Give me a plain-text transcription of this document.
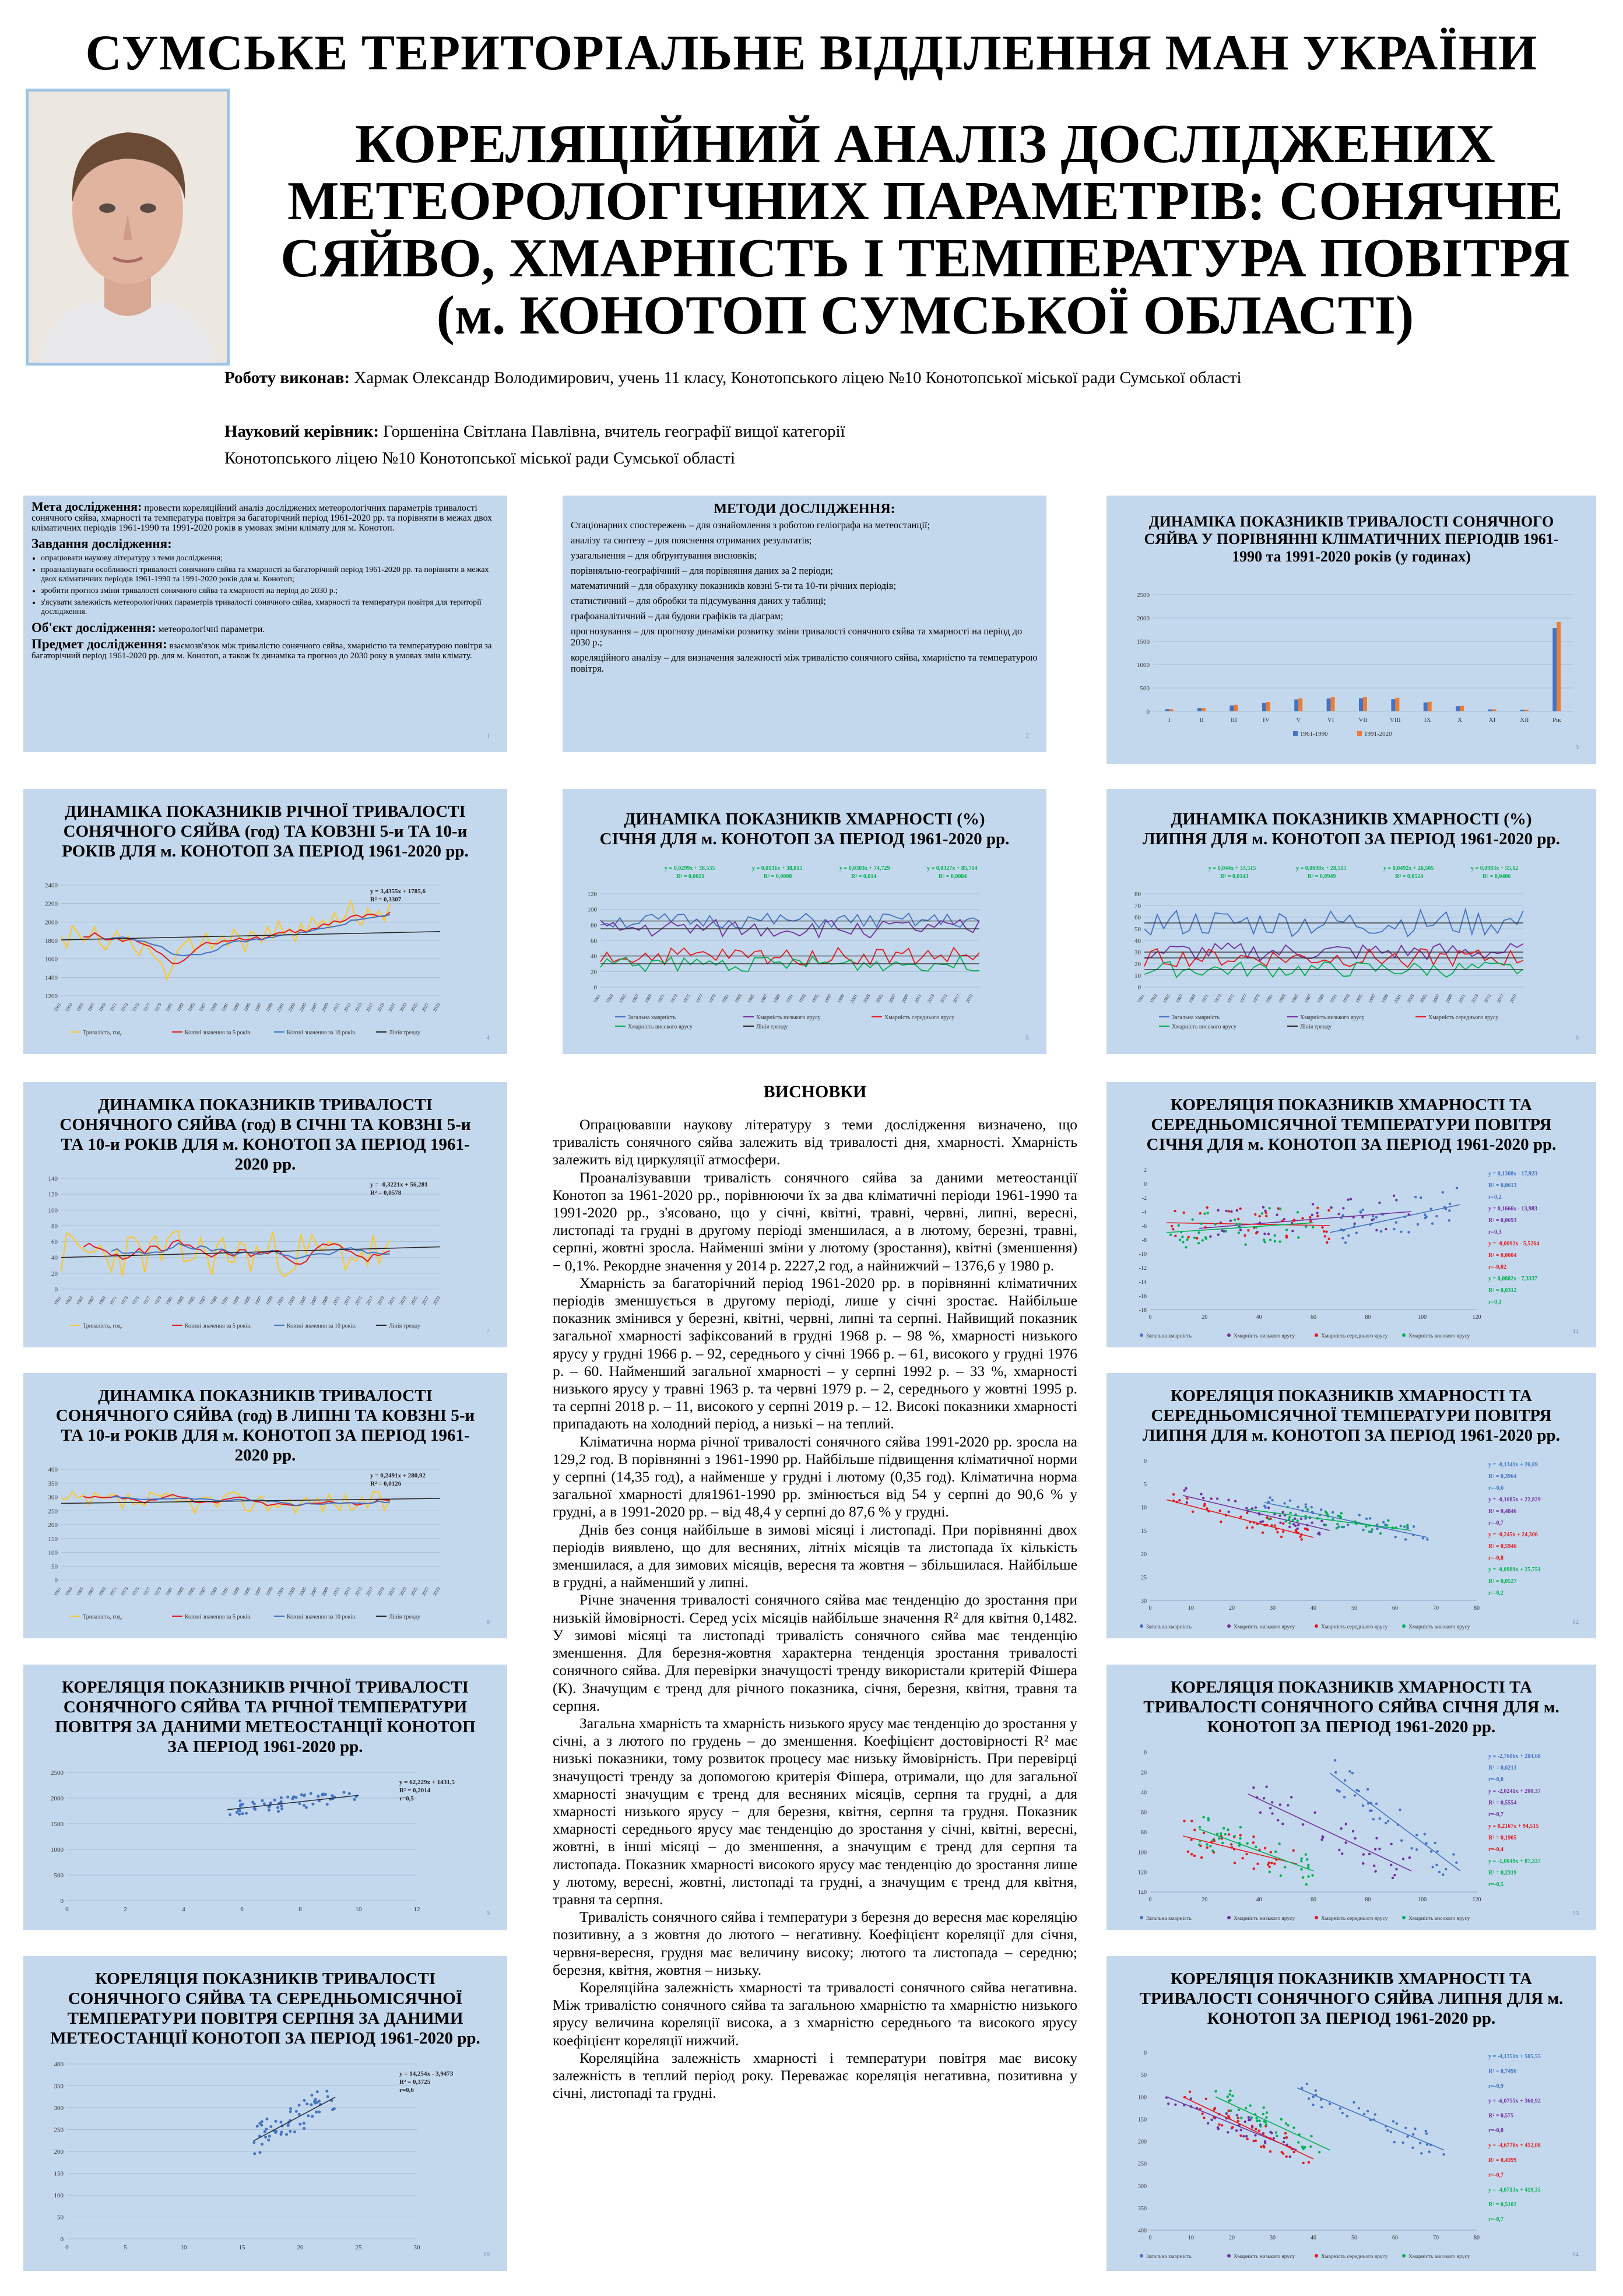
СУМСЬКЕ ТЕРИТОРІАЛЬНЕ ВІДДІЛЕННЯ МАН УКРАЇНИ
КОРЕЛЯЦІЙНИЙ АНАЛІЗ ДОСЛІДЖЕНИХ
МЕТЕОРОЛОГІЧНИХ ПАРАМЕТРІВ: СОНЯЧНЕ
СЯЙВО, ХМАРНІСТЬ І ТЕМПЕРАТУРА ПОВІТРЯ
(м. КОНОТОП СУМСЬКОЇ ОБЛАСТІ)
Роботу виконав: Хармак Олександр Володимирович, учень 11 класу, Конотопського ліцею №10 Конотопської міської ради Сумської області
Науковий керівник: Горшеніна Світлана Павлівна, вчитель географії вищої категорії
Конотопського ліцею №10 Конотопської міської ради Сумської області
Мета дослідження: провести кореляційний аналіз досліджених метеорологічних параметрів тривалості сонячного сяйва, хмарності та температура повітря за багаторічний період 1961-2020 рр. та порівняти в межах двох кліматичних періодів 1961-1990 та 1991-2020 років в умовах зміни клімату для м. Конотоп.
Завдання дослідження:
• опрацювати наукову літературу з теми дослідження;
• проаналізувати особливості тривалості сонячного сяйва та хмарності за багаторічний період 1961-2020 рр. та порівняти в межах двох кліматичних періодів 1961-1990 та 1991-2020 років для м. Конотоп;
• зробити прогноз зміни тривалості сонячного сяйва та хмарності на період до 2030 р.;
• з'ясувати залежність метеорологічних параметрів тривалості сонячного сяйва, хмарності та температури повітря для території дослідження.
Об'єкт дослідження: метеорологічні параметри.
Предмет дослідження: взаємозв'язок між тривалістю сонячного сяйва, хмарністю та температурою повітря за багаторічний період 1961-2020 рр. для м. Конотоп, а також їх динаміка та прогноз до 2030 року в умовах змін клімату.
1
МЕТОДИ ДОСЛІДЖЕННЯ:
Стаціонарних спостережень – для ознайомлення з роботою геліографа на метеостанції;
аналізу та синтезу – для пояснення отриманих результатів;
узагальнення – для обґрунтування висновків;
порівняльно-географічний – для порівняння даних за 2 періоди;
математичний – для обрахунку показників ковзні 5-ти та 10-ти річних періодів;
статистичний – для обробки та підсумування даних у таблиці;
графоаналітичний – для будови графіків та діаграм;
прогнозування – для прогнозу динаміки розвитку зміни тривалості сонячного сяйва та хмарності на період до 2030 р.;
кореляційного аналізу – для визначення залежності між тривалістю сонячного сяйва, хмарністю та температурою повітря.
2
ДИНАМІКА ПОКАЗНИКІВ ТРИВАЛОСТІ СОНЯЧНОГО СЯЙВА У ПОРІВНЯННІ КЛІМАТИЧНИХ ПЕРІОДІВ 1961-1990 та 1991-2020 років (у годинах)
0
500
1000
1500
2000
2500
I	II	III	IV	V	VI	VII	VIII	IX	X	XI	XII	Рік
1961-1990	1991-2020
3
ДИНАМІКА ПОКАЗНИКІВ РІЧНОЇ ТРИВАЛОСТІ СОНЯЧНОГО СЯЙВА (год) ТА КОВЗНІ 5-и ТА 10-и РОКІВ ДЛЯ м. КОНОТОП ЗА ПЕРІОД 1961-2020 рр.
1200
1400
1600
1800
2000
2200
2400
1961 1963 1965 1967 1969 1971 1973 1975 1977 1979 1981 1983 1985 1987 1989 1991 1993 1995 1997 1999 2001 2003 2005 2007 2009 2011 2013 2015 2017 2019 2021 2023 2025 2027 2029
y = 3,4355x + 1785,6
R² = 0,3307
Тривалість, год.	Ковзні значення за 5 років.	Ковзні значення за 10 років.	Лінія тренду
4
ДИНАМІКА ПОКАЗНИКІВ ХМАРНОСТІ (%) СІЧНЯ ДЛЯ м. КОНОТОП ЗА ПЕРІОД 1961-2020 рр.
0
20
40
60
80
100
120
1961 1963 1965 1967 1969 1971 1973 1975 1977 1979 1981 1983 1985 1987 1989 1991 1993 1995 1997 1999 2001 2003 2005 2007 2009 2011 2013 2015 2017 2019
y = 0,0299x + 38,535
R² = 0,0021
y = 0,0131x + 38,815
R² = 0,0008
y = 0,0303x + 74,729
R² = 0,014
y = 0,0327x + 85,714
R² = 0,0084
Загальна хмарність	Хмарність низького ярусу	Хмарність середнього ярусу
Хмарність високого ярусу	Лінія тренду
5
ДИНАМІКА ПОКАЗНИКІВ ХМАРНОСТІ (%) ЛИПНЯ ДЛЯ м. КОНОТОП ЗА ПЕРІОД 1961-2020 рр.
0
10
20
30
40
50
60
70
80
1961 1963 1965 1967 1969 1971 1973 1975 1977 1979 1981 1983 1985 1987 1989 1991 1993 1995 1997 1999 2001 2003 2005 2007 2009 2011 2013 2015 2017 2019
y = 0,044x + 33,515
R² = 0,0143
y = 0,0698x + 28,515
R² = 0,0949
y = 0,0492x + 26,505
R² = 0,0524
y = 0,0983x + 55,12
R² = 0,0406
Загальна хмарність	Хмарність низького ярусу	Хмарність середнього ярусу
Хмарність високого ярусу	Лінія тренду
6
ДИНАМІКА ПОКАЗНИКІВ ТРИВАЛОСТІ СОНЯЧНОГО СЯЙВА (год) В СІЧНІ ТА КОВЗНІ 5-и ТА 10-и РОКІВ ДЛЯ м. КОНОТОП ЗА ПЕРІОД 1961-2020 рр.
0
20
40
60
80
100
120
140
1961 1963 1965 1967 1969 1971 1973 1975 1977 1979 1981 1983 1985 1987 1989 1991 1993 1995 1997 1999 2001 2003 2005 2007 2009 2011 2013 2015 2017 2019 2021 2023 2025 2027 2029
y = -0,3221x + 56,281
R² = 0,0578
Тривалість, год.	Ковзні значення за 5 років.	Ковзні значення за 10 років.	Лінія тренду
7
ДИНАМІКА ПОКАЗНИКІВ ТРИВАЛОСТІ СОНЯЧНОГО СЯЙВА (год) В ЛИПНІ ТА КОВЗНІ 5-и ТА 10-и РОКІВ ДЛЯ м. КОНОТОП ЗА ПЕРІОД 1961-2020 рр.
0
50
100
150
200
250
300
350
400
1961 1963 1965 1967 1969 1971 1973 1975 1977 1979 1981 1983 1985 1987 1989 1991 1993 1995 1997 1999 2001 2003 2005 2007 2009 2011 2013 2015 2017 2019 2021 2023 2025 2027 2029
y = 0,2491x + 280,92
R² = 0,0126
Тривалість, год.	Ковзні значення за 5 років.	Ковзні значення за 10 років.	Лінія тренду
8
КОРЕЛЯЦІЯ ПОКАЗНИКІВ РІЧНОЇ ТРИВАЛОСТІ СОНЯЧНОГО СЯЙВА ТА РІЧНОЇ ТЕМПЕРАТУРИ ПОВІТРЯ ЗА ДАНИМИ МЕТЕОСТАНЦІЇ КОНОТОП ЗА ПЕРІОД 1961-2020 рр.
0
500
1000
1500
2000
2500
0	2	4	6	8	10	12
y = 62,229x + 1431,5
R² = 0,2014
r=0,5
9
КОРЕЛЯЦІЯ ПОКАЗНИКІВ ТРИВАЛОСТІ СОНЯЧНОГО СЯЙВА ТА СЕРЕДНЬОМІСЯЧНОЇ ТЕМПЕРАТУРИ ПОВІТРЯ СЕРПНЯ ЗА ДАНИМИ МЕТЕОСТАНЦІЇ КОНОТОП ЗА ПЕРІОД 1961-2020 рр.
0
50
100
150
200
250
300
350
400
0	5	10	15	20	25	30
y = 14,254x - 3,9473
R² = 0,3725
r=0,6
10
КОРЕЛЯЦІЯ ПОКАЗНИКІВ ХМАРНОСТІ ТА СЕРЕДНЬОМІСЯЧНОЇ ТЕМПЕРАТУРИ ПОВІТРЯ СІЧНЯ ДЛЯ м. КОНОТОП ЗА ПЕРІОД 1961-2020 рр.
2
0
-2
-4
-6
-8
-10
-12
-14
-16
-18
0	20	40	60	80	100	120
y = 0,1308x - 17,923
R² = 0,0613
r=0,2
y = 0,1666x - 13,983
R² = 0,0693
r=0,3
y = -0,0092x - 5,5264
R² = 0,0004
r=-0,02
y = 0,0882x - 7,3337
R² = 0,0312
r=0,1
Загальна хмарність	Хмарність низького ярусу	Хмарність середнього ярусу	Хмарність високого ярусу
11
КОРЕЛЯЦІЯ ПОКАЗНИКІВ ХМАРНОСТІ ТА СЕРЕДНЬОМІСЯЧНОЇ ТЕМПЕРАТУРИ ПОВІТРЯ ЛИПНЯ ДЛЯ м. КОНОТОП ЗА ПЕРІОД 1961-2020 рр.
0
5
10
15
20
25
30
0	10	20	30	40	50	60	70	80
y = -0,1341x + 26,89
R² = 0,3964
r=-0,6
y = -0,1685x + 22,829
R² = 0,4846
r=-0,7
y = -0,245x + 24,306
R² = 0,5946
r=-0,8
y = -0,0989x + 25,751
R² = 0,0527
r=-0,2
Загальна хмарність	Хмарність низького ярусу	Хмарність середнього ярусу	Хмарність високого ярусу
12
КОРЕЛЯЦІЯ ПОКАЗНИКІВ ХМАРНОСТІ ТА ТРИВАЛОСТІ СОНЯЧНОГО СЯЙВА СІЧНЯ ДЛЯ м. КОНОТОП ЗА ПЕРІОД 1961-2020 рр.
0
20
40
60
80
100
120
140
0	20	40	60	80	100	120
y = -2,7606x + 284,68
R² = 0,6213
r=-0,8
y = -2,0241x + 200,37
R² = 0,5554
r=-0,7
y = 0,2167x + 94,515
R² = 0,1905
r=-0,4
y = -1,0049x + 87,337
R² = 0,2319
r=-0,5
Загальна хмарність	Хмарність низького ярусу	Хмарність середнього ярусу	Хмарність високого ярусу
13
КОРЕЛЯЦІЯ ПОКАЗНИКІВ ХМАРНОСТІ ТА ТРИВАЛОСТІ СОНЯЧНОГО СЯЙВА ЛИПНЯ ДЛЯ м. КОНОТОП ЗА ПЕРІОД 1961-2020 рр.
0
50
100
150
200
250
300
350
400
0	10	20	30	40	50	60	70	80
y = -4,1351x + 505,55
R² = 0,7496
r=-0,9
y = -6,0755x + 360,92
R² = 0,575
r=-0,8
y = -4,6776x + 412,08
R² = 0,4399
r=-0,7
y = -4,0713x + 419,35
R² = 0,5102
r=-0,7
Загальна хмарність	Хмарність низького ярусу	Хмарність середнього ярусу	Хмарність високого ярусу	14
ВИСНОВКИ

Опрацювавши наукову літературу з теми дослідження визначено, що тривалість сонячного сяйва залежить від тривалості дня, хмарності. Хмарність залежить від циркуляції атмосфери.

Проаналізувавши тривалість сонячного сяйва за даними метеостанції Конотоп за 1961-2020 рр., порівнюючи їх за два кліматичні періоди 1961-1990 та 1991-2020 рр., з'ясовано, що у січні, квітні, травні, червні, липні, вересні, листопаді та грудні в другому періоді зменшилася, а в лютому, березні, травні, серпні, жовтні зросла. Найменші зміни у лютому (зростання), квітні (зменшення) − 0,1%. Рекордне значення у 2014 р. 2227,2 год, а найнижчий – 1376,6 у 1980 р.

Хмарність за багаторічний період 1961-2020 рр. в порівнянні кліматичних періодів зменшується в другому періоді, лише у січні зростає. Найбільше показник змінився у березні, квітні, червні, липні та серпні. Найвищий показник загальної хмарності зафіксований в грудні 1968 р. – 98 %, хмарності низького ярусу у грудні 1966 р. – 92, середнього у січні 1966 р. – 61, високого у грудні 1976 р. – 60. Найменший загальної хмарності – у серпні 1992 р. – 33 %, хмарності низького ярусу у травні 1963 р. та червні 1979 р. – 2, середнього у жовтні 1995 р. та серпні 2018 р. – 11, високого у серпні 2019 р. – 12. Високі показники хмарності припадають на холодний період, а низькі – на теплий.

Кліматична норма річної тривалості сонячного сяйва 1991-2020 рр. зросла на 129,2 год. В порівнянні з 1961-1990 рр. Найбільше підвищення кліматичної норми у серпні (14,35 год), а найменше у грудні і лютому (0,35 год). Кліматична норма загальної хмарності для1961-1990 рр. змінюється від 54 у серпні до 90,6 % у грудні, а в 1991-2020 рр. – від 48,4 у серпні до 87,6 % у грудні.

Днів без сонця найбільше в зимові місяці і листопаді. При порівнянні двох періодів виявлено, що для весняних, літніх місяців та листопада їх кількість зменшилася, а для зимових місяців, вересня та жовтня – збільшилася. Найбільше в грудні, а найменший у липні.

Річне значення тривалості сонячного сяйва має тенденцію до зростання при низькій ймовірності. Серед усіх місяців найбільше значення R² для квітня 0,1482. У зимові місяці та листопаді тривалість сонячного сяйва має тенденцію зменшення. Для березня-жовтня характерна тенденція зростання тривалості сонячного сяйва. Для перевірки значущості тренду використали критерій Фішера (К). Значущим є тренд для річного показника, січня, березня, квітня, травня та серпня.

Загальна хмарність та хмарність низького ярусу має тенденцію до зростання у січні, а з лютого по грудень – до зменшення. Коефіцієнт достовірності R² має низькі показники, тому розвиток процесу має низьку ймовірність. При перевірці значущості тренду за допомогою критерія Фішера, отримали, що для загальної хмарності значущим є тренд для весняних місяців, серпня та грудні, а для хмарності низького ярусу − для березня, квітня, серпня та грудня. Показник хмарності середнього ярусу має тенденцію до зростання у січні, квітні, вересні, жовтні, в інші місяці – до зменшення, а значущим є тренд для серпня та листопада. Показник хмарності високого ярусу має тенденцію до зростання лише у лютому, вересні, жовтні, листопаді та грудні, а значущим є тренд для квітня, травня та серпня.

Тривалість сонячного сяйва і температури з березня до вересня має кореляцію позитивну, а з жовтня до лютого – негативну. Коефіцієнт кореляції для січня, червня-вересня, грудня має величину високу; лютого та листопада – середню; березня, квітня, жовтня – низьку.

Кореляційна залежність хмарності та тривалості сонячного сяйва негативна. Між тривалістю сонячного сяйва та загальною хмарністю та хмарністю низького ярусу величина кореляції висока, а з хмарністю середнього та високого ярусу коефіцієнт кореляції нижчий.

Кореляційна залежність хмарності і температури повітря має високу залежність в теплий період року. Переважає кореляція негативна, позитивна у січні, листопаді та грудні.
